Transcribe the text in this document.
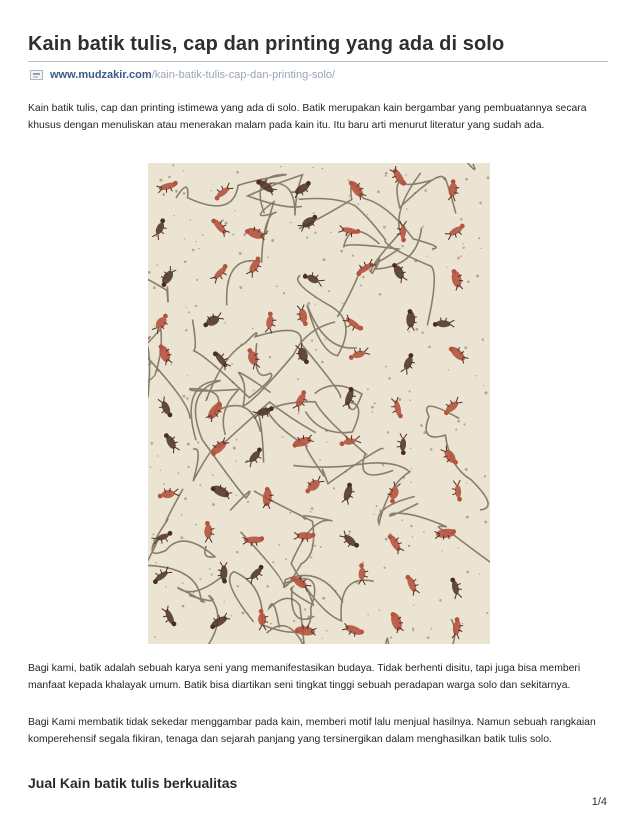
Kain batik tulis, cap dan printing yang ada di solo
www.mudzakir.com /kain-batik-tulis-cap-dan-printing-solo/

Kain batik tulis, cap dan printing istimewa yang ada di solo. Batik merupakan kain bergambar yang pembuatannya secara khusus dengan menuliskan atau menerakan malam pada kain itu. Itu baru arti menurut literatur yang sudah ada.

Bagi kami, batik adalah sebuah karya seni yang memanifestasikan budaya. Tidak berhenti disitu, tapi juga bisa memberi manfaat kepada khalayak umum. Batik bisa diartikan seni tingkat tinggi sebuah peradapan warga solo dan sekitarnya.

Bagi Kami membatik tidak sekedar menggambar pada kain, memberi motif lalu menjual hasilnya. Namun sebuah rangkaian komperehensif segala fikiran, tenaga dan sejarah panjang yang tersinergikan dalam menghasilkan batik tulis solo.

Jual Kain batik tulis berkualitas
1/4
